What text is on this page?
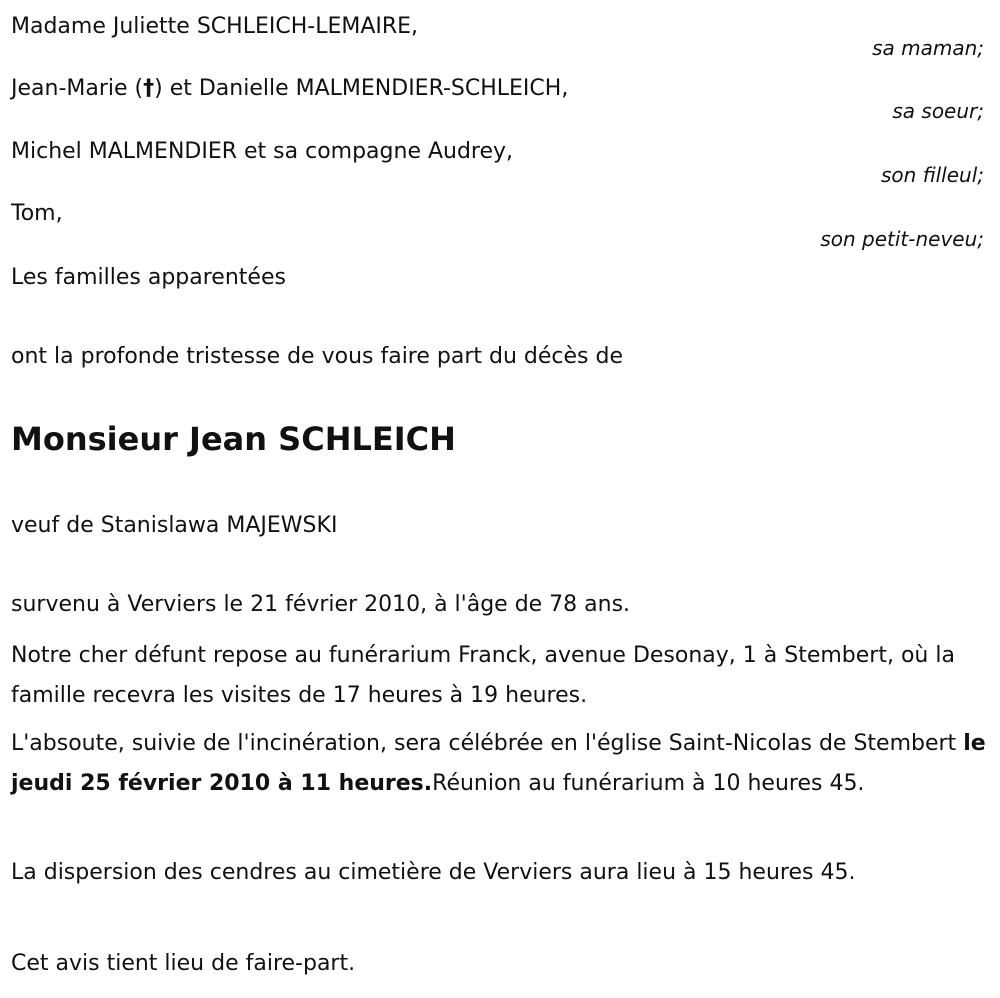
Madame Juliette SCHLEICH-LEMAIRE,
sa maman;
Jean-Marie (†) et Danielle MALMENDIER-SCHLEICH,
sa soeur;
Michel MALMENDIER et sa compagne Audrey,
son filleul;
Tom,
son petit-neveu;
Les familles apparentées
ont la profonde tristesse de vous faire part du décès de
Monsieur Jean SCHLEICH
veuf de Stanislawa MAJEWSKI
survenu à Verviers le 21 février 2010, à l'âge de 78 ans.
Notre cher défunt repose au funérarium Franck, avenue Desonay, 1 à Stembert, où la famille recevra les visites de 17 heures à 19 heures.
L'absoute, suivie de l'incinération, sera célébrée en l'église Saint-Nicolas de Stembert le jeudi 25 février 2010 à 11 heures.Réunion au funérarium à 10 heures 45.
La dispersion des cendres au cimetière de Verviers aura lieu à 15 heures 45.
Cet avis tient lieu de faire-part.
